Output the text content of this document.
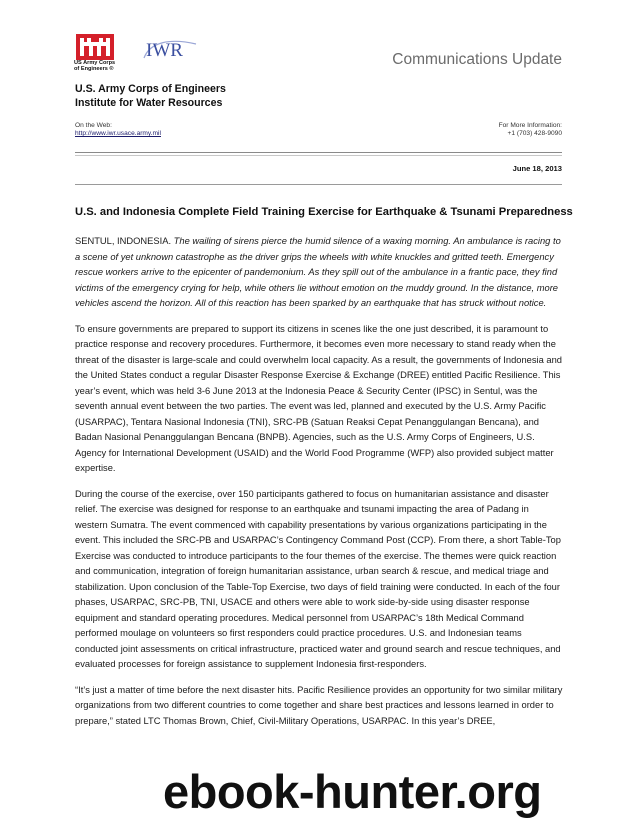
US Army Corps
of Engineers ®
IWR	Communications Update
U.S. Army Corps of Engineers
Institute for Water Resources
On the Web:
http://www.iwr.usace.army.mil
For More Information:
+1 (703) 428-9090
June 18, 2013
U.S. and Indonesia Complete Field Training Exercise for Earthquake & Tsunami Preparedness

SENTUL, INDONESIA. The wailing of sirens pierce the humid silence of a waxing morning. An ambulance is racing to a scene of yet unknown catastrophe as the driver grips the wheels with white knuckles and gritted teeth. Emergency rescue workers arrive to the epicenter of pandemonium. As they spill out of the ambulance in a frantic pace, they find victims of the emergency crying for help, while others lie without emotion on the muddy ground. In the distance, more vehicles ascend the horizon. All of this reaction has been sparked by an earthquake that has struck without notice.

To ensure governments are prepared to support its citizens in scenes like the one just described, it is paramount to practice response and recovery procedures. Furthermore, it becomes even more necessary to stand ready when the threat of the disaster is large-scale and could overwhelm local capacity. As a result, the governments of Indonesia and the United States conduct a regular Disaster Response Exercise & Exchange (DREE) entitled Pacific Resilience. This year’s event, which was held 3-6 June 2013 at the Indonesia Peace & Security Center (IPSC) in Sentul, was the seventh annual event between the two parties. The event was led, planned and executed by the U.S. Army Pacific (USARPAC), Tentara Nasional Indonesia (TNI), SRC-PB (Satuan Reaksi Cepat Penanggulangan Bencana), and Badan Nasional Penanggulangan Bencana (BNPB). Agencies, such as the U.S. Army Corps of Engineers, U.S. Agency for International Development (USAID) and the World Food Programme (WFP) also provided subject matter expertise.

During the course of the exercise, over 150 participants gathered to focus on humanitarian assistance and disaster relief. The exercise was designed for response to an earthquake and tsunami impacting the area of Padang in western Sumatra. The event commenced with capability presentations by various organizations participating in the event. This included the SRC-PB and USARPAC’s Contingency Command Post (CCP). From there, a short Table-Top Exercise was conducted to introduce participants to the four themes of the exercise. The themes were quick reaction and communication, integration of foreign humanitarian assistance, urban search & rescue, and medical triage and stabilization. Upon conclusion of the Table-Top Exercise, two days of field training were conducted. In each of the four phases, USARPAC, SRC-PB, TNI, USACE and others were able to work side-by-side using disaster response equipment and standard operating procedures. Medical personnel from USARPAC’s 18th Medical Command performed moulage on volunteers so first responders could practice procedures. U.S. and Indonesian teams conducted joint assessments on critical infrastructure, practiced water and ground search and rescue techniques, and evaluated processes for foreign assistance to supplement Indonesia first-responders.

“It’s just a matter of time before the next disaster hits. Pacific Resilience provides an opportunity for two similar military organizations from two different countries to come together and share best practices and lessons learned in order to prepare,” stated LTC Thomas Brown, Chief, Civil-Military Operations, USARPAC. In this year’s DREE,

ebook-hunter.org
